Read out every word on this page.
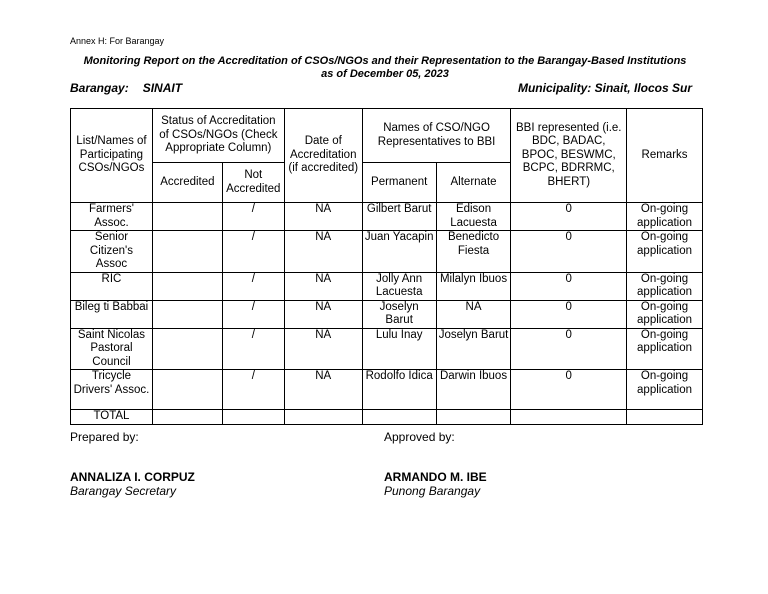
Annex H: For Barangay
Monitoring Report on the Accreditation of CSOs/NGOs and their Representation to the Barangay-Based Institutions
as of December 05, 2023
Barangay: SINAIT	Municipality: Sinait, Ilocos Sur
List/Names of Participating CSOs/NGOs	Status of Accreditation of CSOs/NGOs (Check Appropriate Column)		Date of Accreditation (if accredited)	Names of CSO/NGO Representatives to BBI		BBI represented (i.e. BDC, BADAC, BPOC, BESWMC, BCPC, BDRRMC, BHERT)	Remarks
	Accredited	Not Accredited		Permanent	Alternate		
Farmers' Assoc.		/	NA	Gilbert Barut	Edison Lacuesta	0	On-going application
Senior Citizen's Assoc		/	NA	Juan Yacapin	Benedicto Fiesta	0	On-going application
RIC		/	NA	Jolly Ann Lacuesta	Milalyn Ibuos	0	On-going application
Bileg ti Babbai		/	NA	Joselyn Barut	NA	0	On-going application
Saint Nicolas Pastoral Council		/	NA	Lulu Inay	Joselyn Barut	0	On-going application
Tricycle Drivers' Assoc.		/	NA	Rodolfo Idica	Darwin Ibuos	0	On-going application
TOTAL							
Prepared by:	Approved by:
ANNALIZA I. CORPUZ
Barangay Secretary
ARMANDO M. IBE
Punong Barangay
